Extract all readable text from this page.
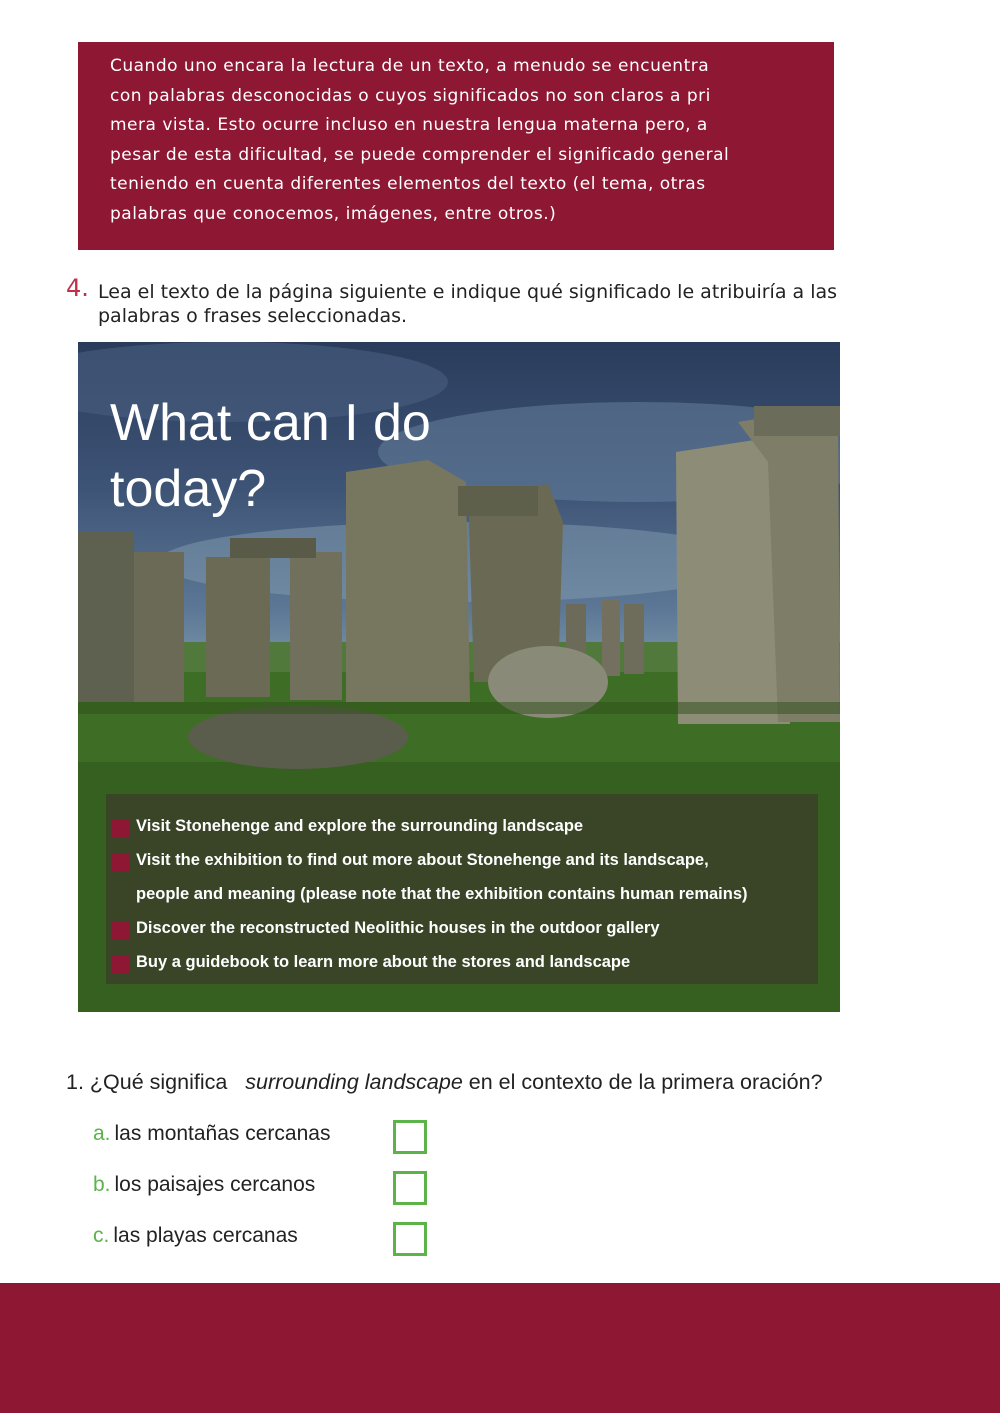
Cuando uno encara la lectura de un texto, a menudo se encuentra
con palabras desconocidas o cuyos significados no son claros a pri
mera vista. Esto ocurre incluso en nuestra lengua materna pero, a
pesar de esta dificultad, se puede comprender el significado general
teniendo en cuenta diferentes elementos del texto (el tema, otras
palabras que conocemos, imágenes, entre otros.)
4. Lea el texto de la página siguiente e indique qué significado le atribuiría a las
palabras o frases seleccionadas.
What can I do
today?
Visit Stonehenge and explore the surrounding landscape
Visit the exhibition to find out more about Stonehenge and its landscape,
people and meaning (please note that the exhibition contains human remains)
Discover the reconstructed Neolithic houses in the outdoor gallery
Buy a guidebook to learn more about the stores and landscape
1. ¿Qué significa surrounding landscape en el contexto de la primera oración?
a. las montañas cercanas
b. los paisajes cercanos
c. las playas cercanas
